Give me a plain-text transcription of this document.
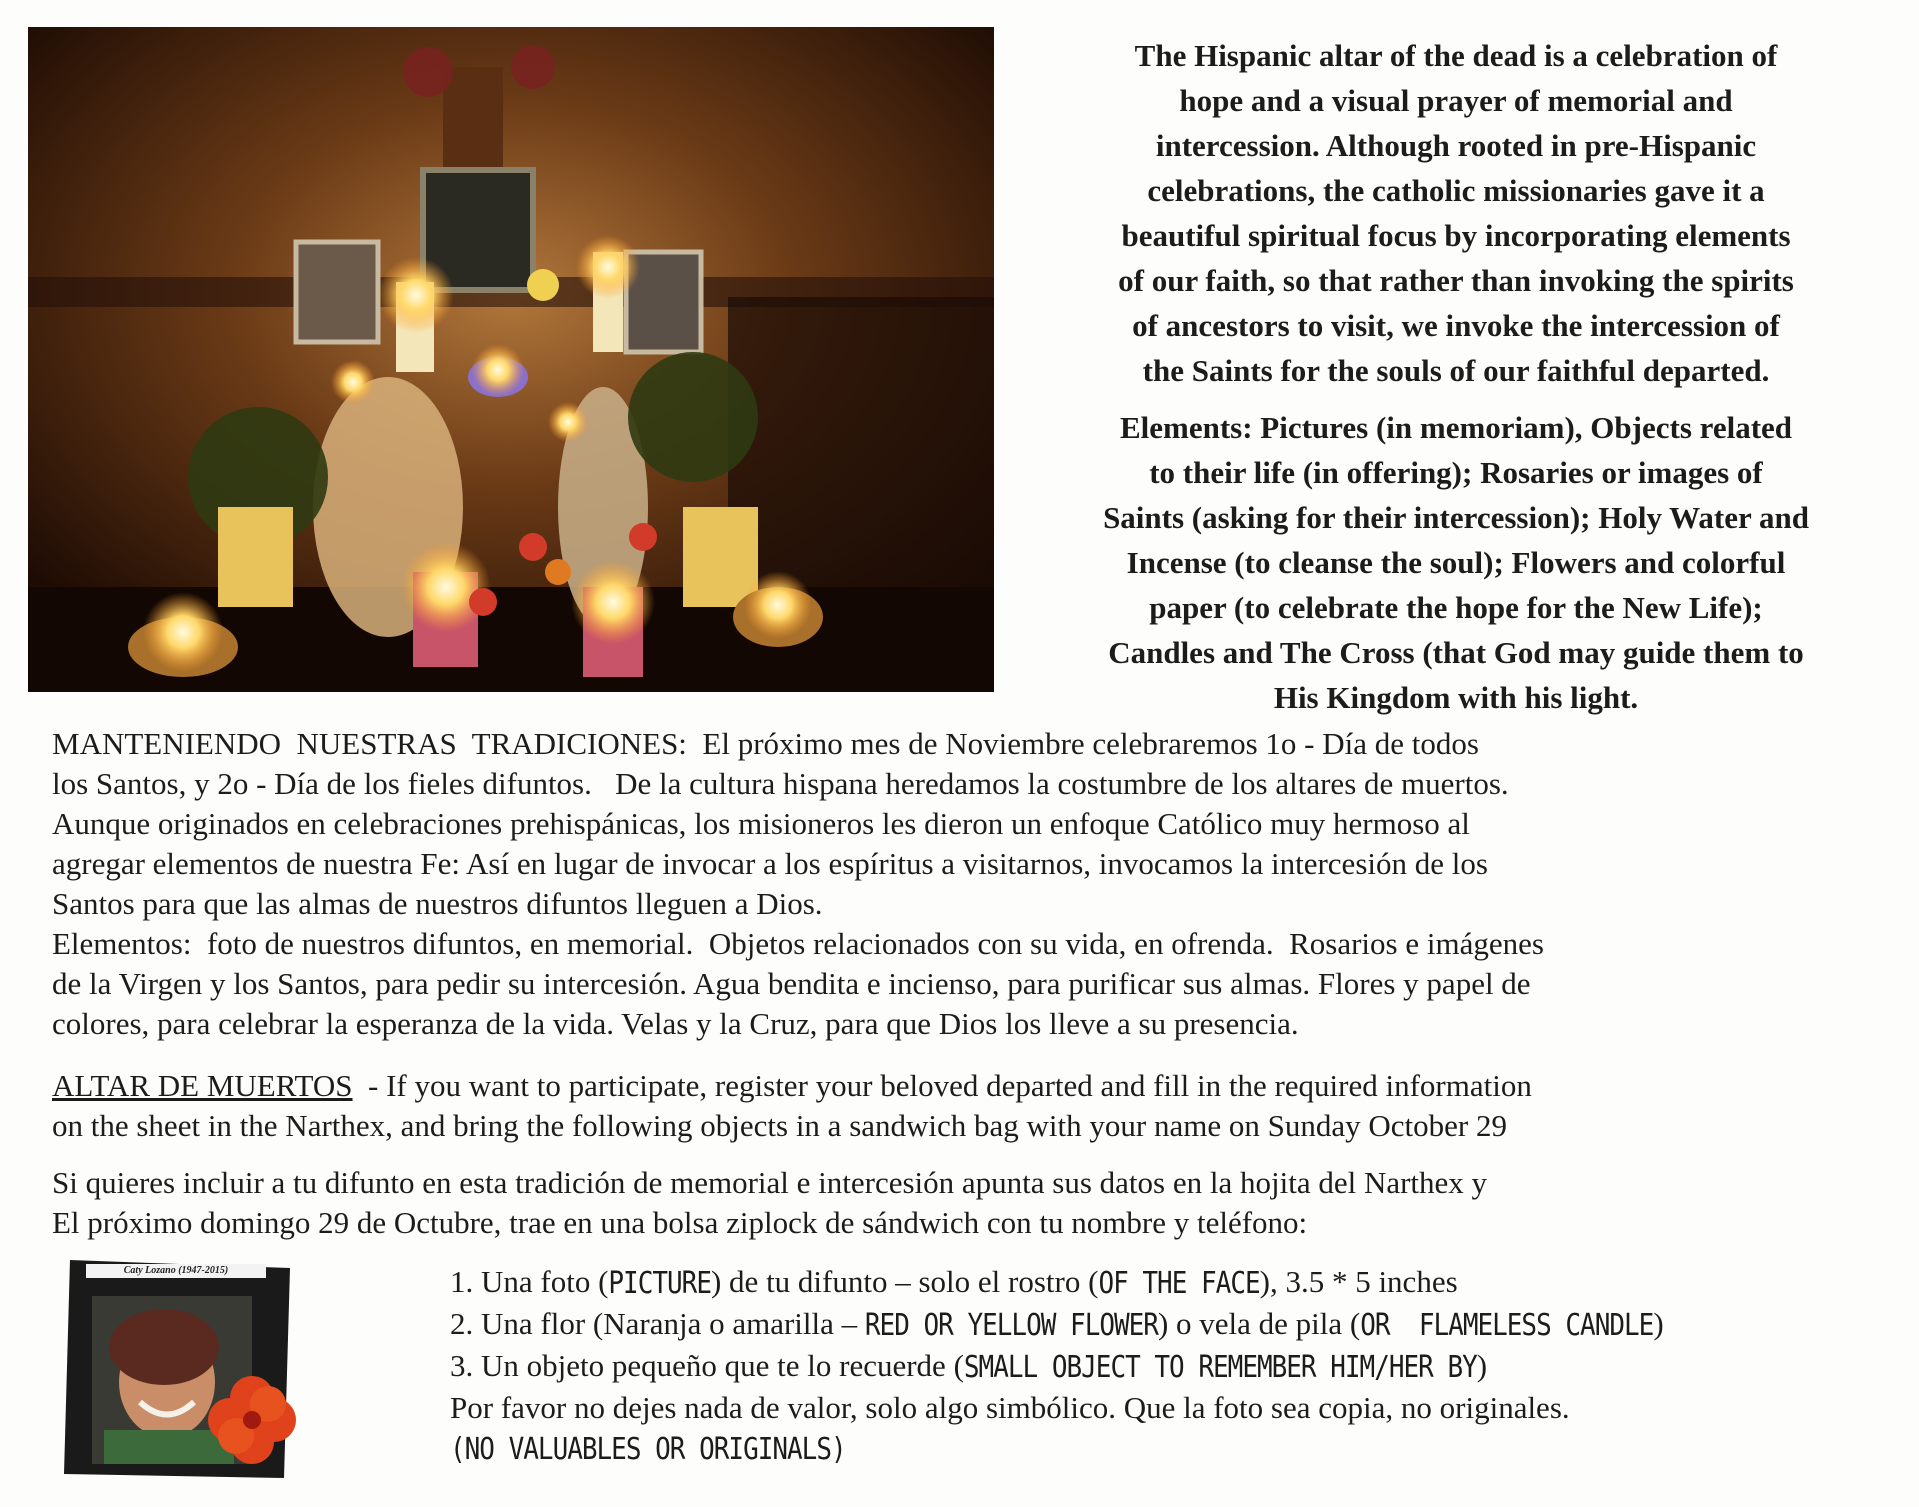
The Hispanic altar of the dead is a celebration of
hope and a visual prayer of memorial and
intercession. Although rooted in pre-Hispanic
celebrations, the catholic missionaries gave it a
beautiful spiritual focus by incorporating elements
of our faith, so that rather than invoking the spirits
of ancestors to visit, we invoke the intercession of
the Saints for the souls of our faithful departed.

Elements: Pictures (in memoriam), Objects related
to their life (in offering); Rosaries or images of
Saints (asking for their intercession); Holy Water and
Incense (to cleanse the soul); Flowers and colorful
paper (to celebrate the hope for the New Life);
Candles and The Cross (that God may guide them to
His Kingdom with his light.

MANTENIENDO  NUESTRAS  TRADICIONES:  El próximo mes de Noviembre celebraremos 1o - Día de todos
los Santos, y 2o - Día de los fieles difuntos.   De la cultura hispana heredamos la costumbre de los altares de muertos.
Aunque originados en celebraciones prehispánicas, los misioneros les dieron un enfoque Católico muy hermoso al
agregar elementos de nuestra Fe: Así en lugar de invocar a los espíritus a visitarnos, invocamos la intercesión de los
Santos para que las almas de nuestros difuntos lleguen a Dios.
Elementos:  foto de nuestros difuntos, en memorial.  Objetos relacionados con su vida, en ofrenda.  Rosarios e imágenes
de la Virgen y los Santos, para pedir su intercesión. Agua bendita e incienso, para purificar sus almas. Flores y papel de
colores, para celebrar la esperanza de la vida. Velas y la Cruz, para que Dios los lleve a su presencia.

ALTAR DE MUERTOS  - If you want to participate, register your beloved departed and fill in the required information
on the sheet in the Narthex, and bring the following objects in a sandwich bag with your name on Sunday October 29

Si quieres incluir a tu difunto en esta tradición de memorial e intercesión apunta sus datos en la hojita del Narthex y
El próximo domingo 29 de Octubre, trae en una bolsa ziplock de sándwich con tu nombre y teléfono:

Caty Lozano (1947-2015)	1. Una foto (PICTURE) de tu difunto – solo el rostro (OF THE FACE), 3.5 * 5 inches
2. Una flor (Naranja o amarilla – RED OR YELLOW FLOWER) o vela de pila (OR  FLAMELESS CANDLE)
3. Un objeto pequeño que te lo recuerde (SMALL OBJECT TO REMEMBER HIM/HER BY)
Por favor no dejes nada de valor, solo algo simbólico. Que la foto sea copia, no originales.
(NO VALUABLES OR ORIGINALS)
